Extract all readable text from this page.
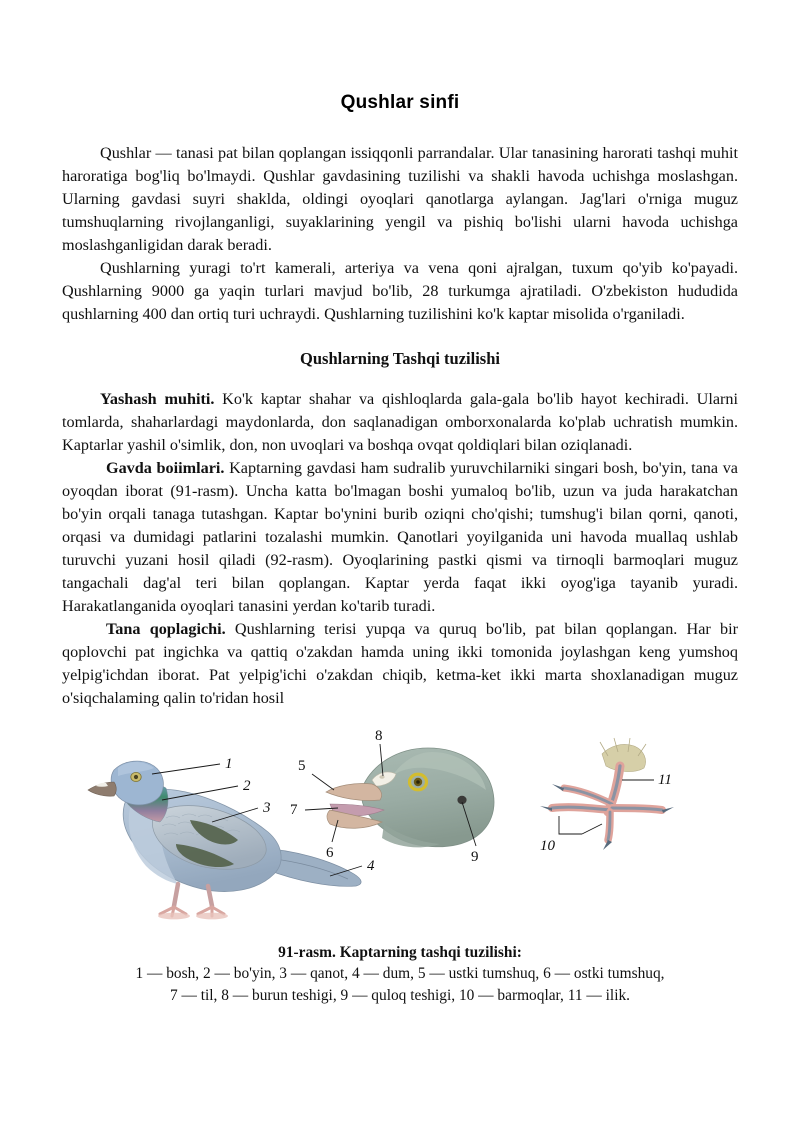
Qushlar sinfi

Qushlar — tanasi pat bilan qoplangan issiqqonli parrandalar. Ular tanasining harorati tashqi muhit haroratiga bog'liq bo'lmaydi. Qushlar gavdasining tuzilishi va shakli havoda uchishga moslashgan. Ularning gavdasi suyri shaklda, oldingi oyoqlari qanotlarga aylangan. Jag'lari o'rniga muguz tumshuqlarning rivojlanganligi, suyaklarining yengil va pishiq bo'lishi ularni havoda uchishga moslashganligidan darak beradi.

Qushlarning yuragi to'rt kamerali, arteriya va vena qoni ajralgan, tuxum qo'yib ko'payadi. Qushlarning 9000 ga yaqin turlari mavjud bo'lib, 28 turkumga ajratiladi. O'zbekiston hududida qushlarning 400 dan ortiq turi uchraydi. Qushlarning tuzilishini ko'k kaptar misolida o'rganiladi.

Qushlarning Tashqi tuzilishi

Yashash muhiti. Ko'k kaptar shahar va qishloqlarda gala-gala bo'lib hayot kechiradi. Ularni tomlarda, shaharlardagi maydonlarda, don saqlanadigan omborxonalarda ko'plab uchratish mumkin. Kaptarlar yashil o'simlik, don, non uvoqlari va boshqa ovqat qoldiqlari bilan oziqlanadi.

Gavda boiimlari. Kaptarning gavdasi ham sudralib yuruvchilarniki singari bosh, bo'yin, tana va oyoqdan iborat (91-rasm). Uncha katta bo'lmagan boshi yumaloq bo'lib, uzun va juda harakatchan bo'yin orqali tanaga tutashgan. Kaptar bo'ynini burib oziqni cho'qishi; tumshug'i bilan qorni, qanoti, orqasi va dumidagi patlarini tozalashi mumkin. Qanotlari yoyilganida uni havoda muallaq ushlab turuvchi yuzani hosil qiladi (92-rasm). Oyoqlarining pastki qismi va tirnoqli barmoqlari muguz tangachali dag'al teri bilan qoplangan. Kaptar yerda faqat ikki oyog'iga tayanib yuradi. Harakatlanganida oyoqlari tanasini yerdan ko'tarib turadi.

Tana qoplagichi. Qushlarning terisi yupqa va quruq bo'lib, pat bilan qoplangan. Har bir qoplovchi pat ingichka va qattiq o'zakdan hamda uning ikki tomonida joylashgan keng yumshoq yelpig'ichdan iborat. Pat yelpig'ichi o'zakdan chiqib, ketma-ket ikki marta shoxlanadigan muguz o'siqchalaming qalin to'ridan hosil

1
2
3
4
8
5
7
6	9
11
10

91-rasm. Kaptarning tashqi tuzilishi:

1 — bosh, 2 — bo'yin, 3 — qanot, 4 — dum, 5 — ustki tumshuq, 6 — ostki tumshuq,
7 — til, 8 — burun teshigi, 9 — quloq teshigi, 10 — barmoqlar, 11 — ilik.
